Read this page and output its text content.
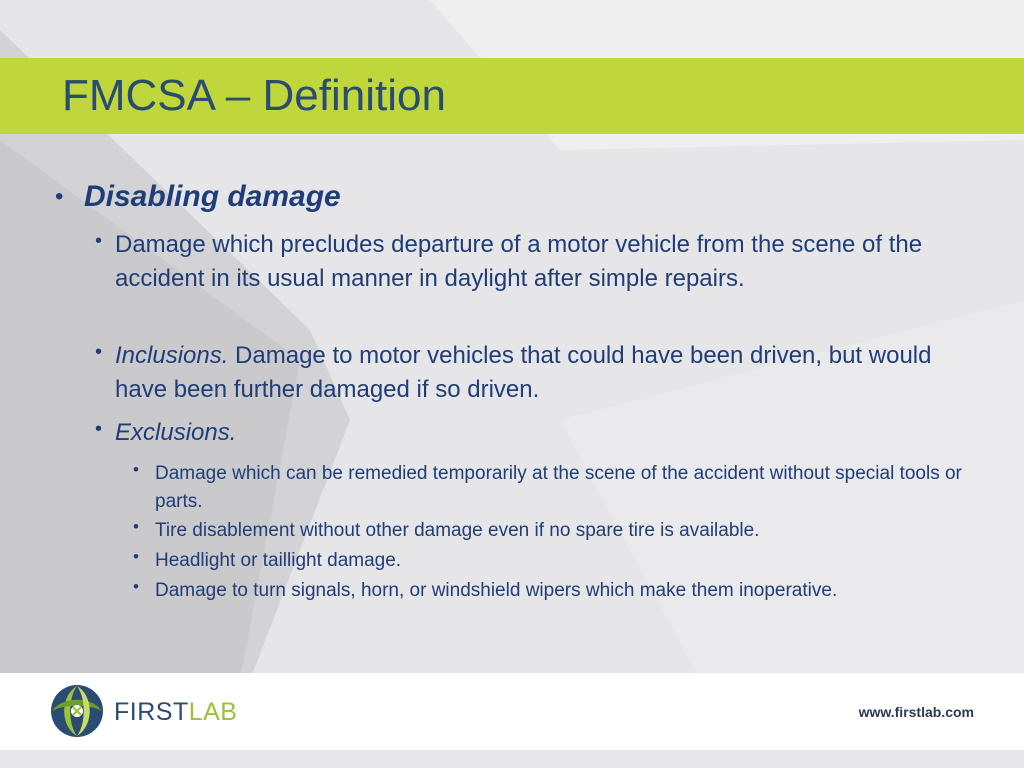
FMCSA – Definition
• Disabling damage
• Damage which precludes departure of a motor vehicle from the scene of the accident in its usual manner in daylight after simple repairs.
• Inclusions. Damage to motor vehicles that could have been driven, but would have been further damaged if so driven.
• Exclusions.
• Damage which can be remedied temporarily at the scene of the accident without special tools or parts.
• Tire disablement without other damage even if no spare tire is available.
• Headlight or taillight damage.
• Damage to turn signals, horn, or windshield wipers which make them inoperative.
FIRSTLAB	www.firstlab.com
